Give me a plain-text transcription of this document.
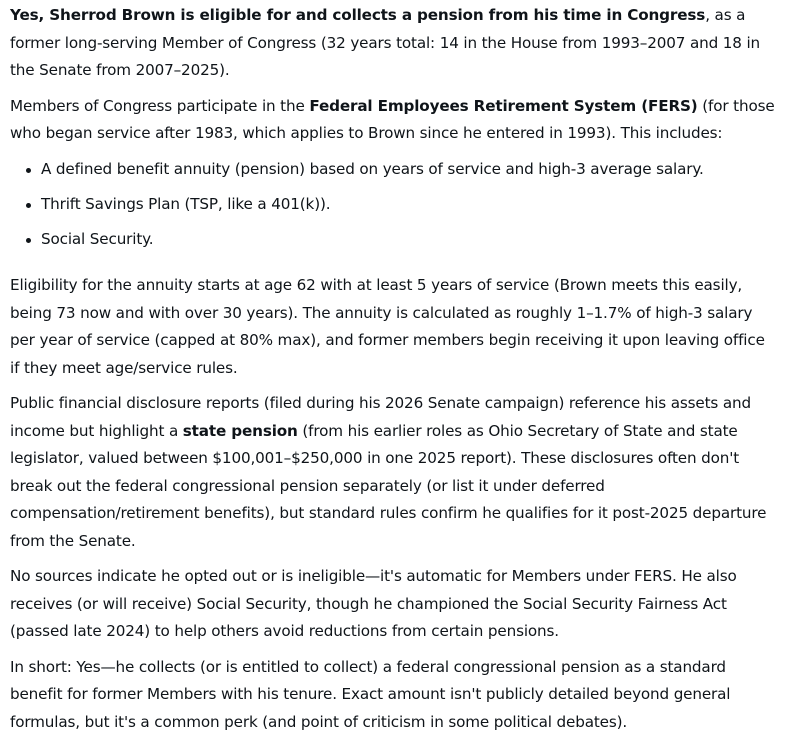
Yes, Sherrod Brown is eligible for and collects a pension from his time in Congress, as a former long-serving Member of Congress (32 years total: 14 in the House from 1993–2007 and 18 in the Senate from 2007–2025).

Members of Congress participate in the Federal Employees Retirement System (FERS) (for those who began service after 1983, which applies to Brown since he entered in 1993). This includes:

A defined benefit annuity (pension) based on years of service and high-3 average salary.
Thrift Savings Plan (TSP, like a 401(k)).
Social Security.

Eligibility for the annuity starts at age 62 with at least 5 years of service (Brown meets this easily, being 73 now and with over 30 years). The annuity is calculated as roughly 1–1.7% of high-3 salary per year of service (capped at 80% max), and former members begin receiving it upon leaving office if they meet age/service rules.

Public financial disclosure reports (filed during his 2026 Senate campaign) reference his assets and income but highlight a state pension (from his earlier roles as Ohio Secretary of State and state legislator, valued between $100,001–$250,000 in one 2025 report). These disclosures often don't break out the federal congressional pension separately (or list it under deferred compensation/retirement benefits), but standard rules confirm he qualifies for it post-2025 departure from the Senate.

No sources indicate he opted out or is ineligible—it's automatic for Members under FERS. He also receives (or will receive) Social Security, though he championed the Social Security Fairness Act (passed late 2024) to help others avoid reductions from certain pensions.

In short: Yes—he collects (or is entitled to collect) a federal congressional pension as a standard benefit for former Members with his tenure. Exact amount isn't publicly detailed beyond general formulas, but it's a common perk (and point of criticism in some political debates).
